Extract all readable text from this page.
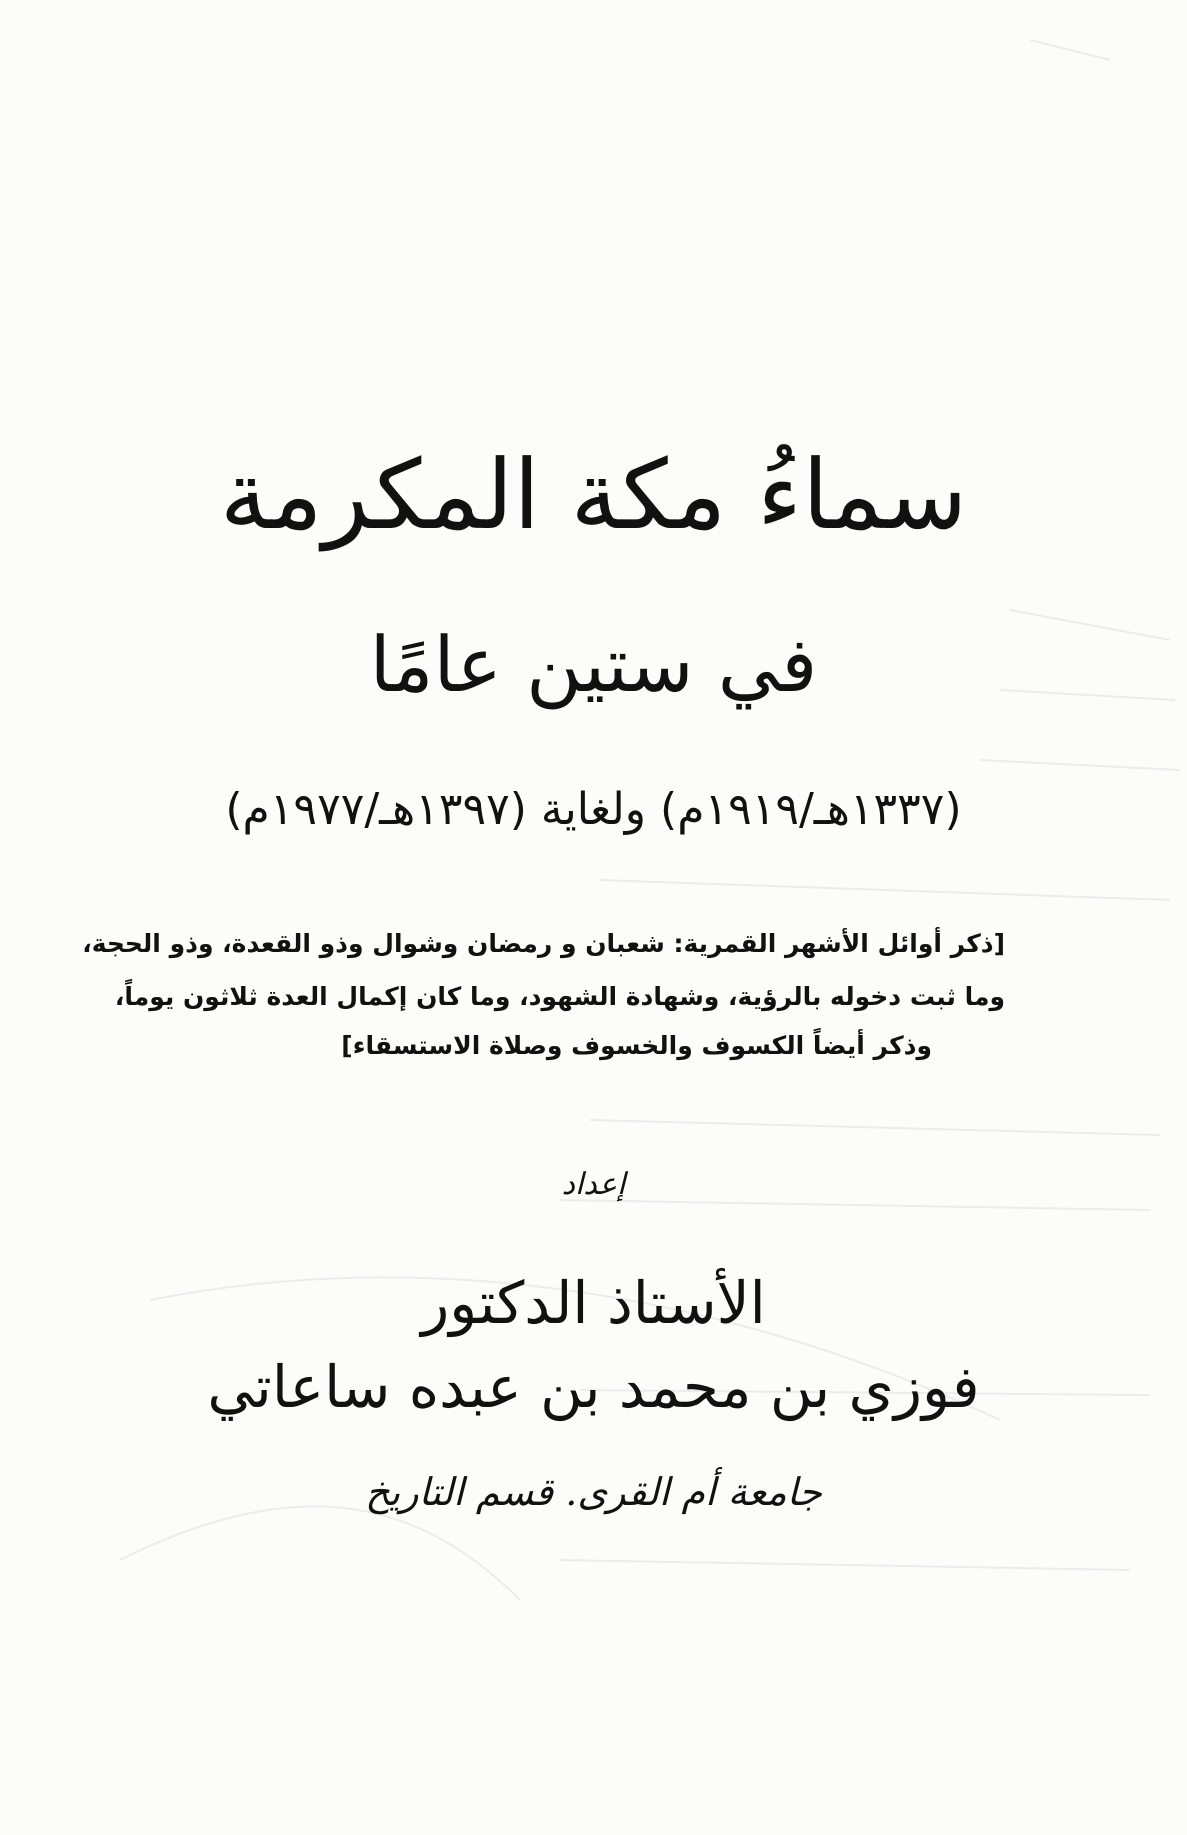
سماءُ مكة المكرمة
في ستين عامًا
(١٣٣٧هـ/١٩١٩م) ولغاية (١٣٩٧هـ/١٩٧٧م)
[ذكر أوائل الأشهر القمرية: شعبان و رمضان وشوال وذو القعدة، وذو الحجة،
وما ثبت دخوله بالرؤية، وشهادة الشهود، وما كان إكمال العدة ثلاثون يوماً،
وذكر أيضاً الكسوف والخسوف وصلاة الاستسقاء]
إعداد
الأستاذ الدكتور
فوزي بن محمد بن عبده ساعاتي
جامعة أم القرى. قسم التاريخ
